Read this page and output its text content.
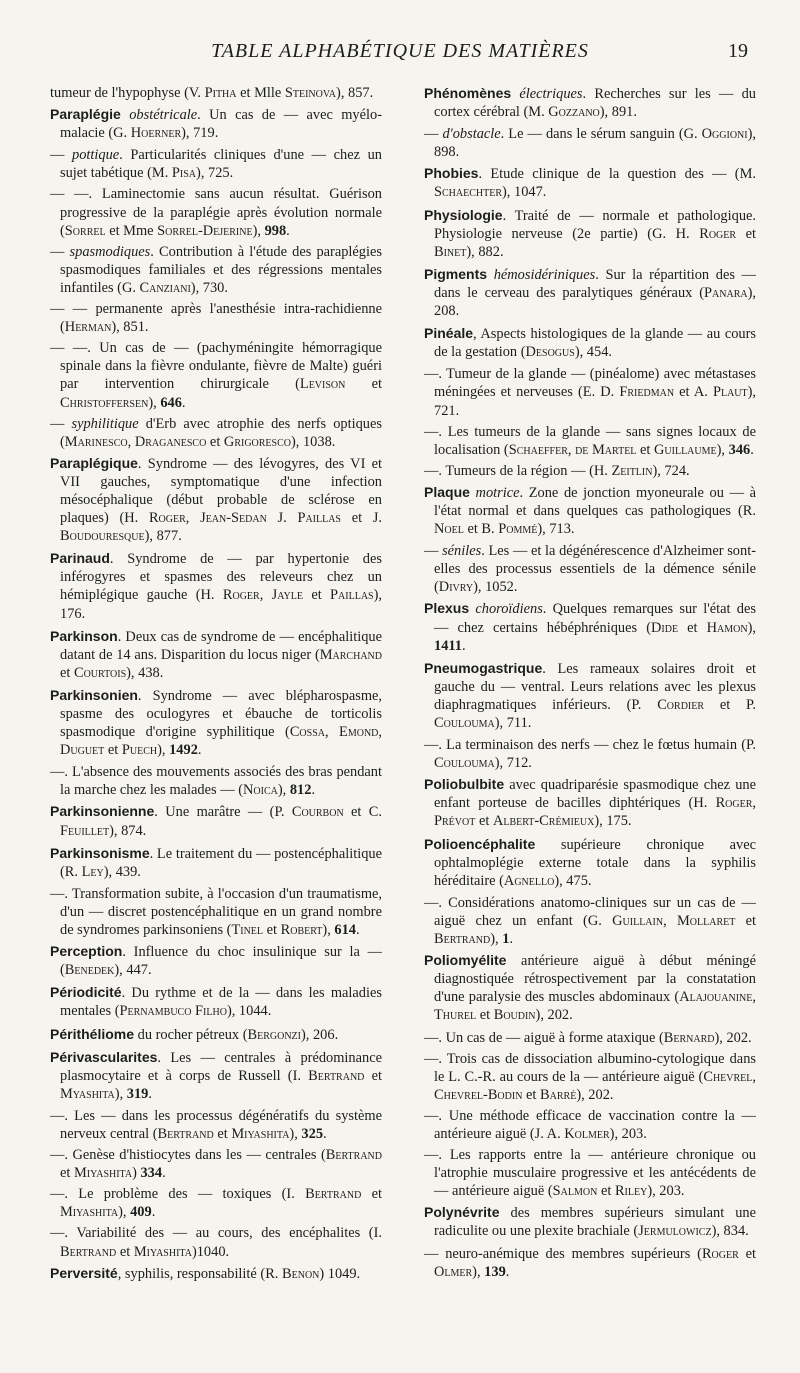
TABLE ALPHABÉTIQUE DES MATIÈRES	19

tumeur de l'hypophyse (V. Pitha et Mlle Steinova), 857.

Paraplégie obstétricale. Un cas de — avec myélo-malacie (G. Hoerner), 719.

— pottique. Particularités cliniques d'une — chez un sujet tabétique (M. Pisa), 725.

— —. Laminectomie sans aucun résultat. Guérison progressive de la paraplégie après évolution normale (Sorrel et Mme Sorrel-Dejerine), 998.

— spasmodiques. Contribution à l'étude des paraplégies spasmodiques familiales et des régressions mentales infantiles (G. Canziani), 730.

— — permanente après l'anesthésie intra-rachidienne (Herman), 851.

— —. Un cas de — (pachyméningite hémorragique spinale dans la fièvre ondulante, fièvre de Malte) guéri par intervention chirurgicale (Levison et Christoffersen), 646.

— syphilitique d'Erb avec atrophie des nerfs optiques (Marinesco, Draganesco et Grigoresco), 1038.

Paraplégique. Syndrome — des lévogyres, des VI et VII gauches, symptomatique d'une infection mésocéphalique (début probable de sclérose en plaques) (H. Roger, Jean-Sedan J. Paillas et J. Boudouresque), 877.

Parinaud. Syndrome de — par hypertonie des inférogyres et spasmes des releveurs chez un hémiplégique gauche (H. Roger, Jayle et Paillas), 176.

Parkinson. Deux cas de syndrome de — encéphalitique datant de 14 ans. Disparition du locus niger (Marchand et Courtois), 438.

Parkinsonien. Syndrome — avec blépharospasme, spasme des oculogyres et ébauche de torticolis spasmodique d'origine syphilitique (Cossa, Emond, Duguet et Puech), 1492.

—. L'absence des mouvements associés des bras pendant la marche chez les malades — (Noica), 812.

Parkinsonienne. Une marâtre — (P. Courbon et C. Feuillet), 874.

Parkinsonisme. Le traitement du — postencéphalitique (R. Ley), 439.

—. Transformation subite, à l'occasion d'un traumatisme, d'un — discret postencéphalitique en un grand nombre de syndromes parkinsoniens (Tinel et Robert), 614.

Perception. Influence du choc insulinique sur la — (Benedek), 447.

Périodicité. Du rythme et de la — dans les maladies mentales (Pernambuco Filho), 1044.

Périthéliome du rocher pétreux (Bergonzi), 206.

Périvascularites. Les — centrales à prédominance plasmocytaire et à corps de Russell (I. Bertrand et Myashita), 319.

—. Les — dans les processus dégénératifs du système nerveux central (Bertrand et Miyashita), 325.

—. Genèse d'histiocytes dans les — centrales (Bertrand et Miyashita) 334.

—. Le problème des — toxiques (I. Bertrand et Miyashita), 409.

—. Variabilité des — au cours, des encéphalites (I. Bertrand et Miyashita)1040.

Perversité, syphilis, responsabilité (R. Benon) 1049.

Phénomènes électriques. Recherches sur les — du cortex cérébral (M. Gozzano), 891.

— d'obstacle. Le — dans le sérum sanguin (G. Oggioni), 898.

Phobies. Etude clinique de la question des — (M. Schaechter), 1047.

Physiologie. Traité de — normale et pathologique. Physiologie nerveuse (2e partie) (G. H. Roger et Binet), 882.

Pigments hémosidériniques. Sur la répartition des — dans le cerveau des paralytiques généraux (Panara), 208.

Pinéale, Aspects histologiques de la glande — au cours de la gestation (Desogus), 454.

—. Tumeur de la glande — (pinéalome) avec métastases méningées et nerveuses (E. D. Friedman et A. Plaut), 721.

—. Les tumeurs de la glande — sans signes locaux de localisation (Schaeffer, de Martel et Guillaume), 346.

—. Tumeurs de la région — (H. Zeitlin), 724.

Plaque motrice. Zone de jonction myoneurale ou — à l'état normal et dans quelques cas pathologiques (R. Noel et B. Pommé), 713.

— séniles. Les — et la dégénérescence d'Alzheimer sont-elles des processus essentiels de la démence sénile (Divry), 1052.

Plexus choroïdiens. Quelques remarques sur l'état des — chez certains hébéphréniques (Dide et Hamon), 1411.

Pneumogastrique. Les rameaux solaires droit et gauche du — ventral. Leurs relations avec les plexus diaphragmatiques inférieurs. (P. Cordier et P. Coulouma), 711.

—. La terminaison des nerfs — chez le fœtus humain (P. Coulouma), 712.

Poliobulbite avec quadriparésie spasmodique chez une enfant porteuse de bacilles diphtériques (H. Roger, Prévot et Albert-Crémieux), 175.

Polioencéphalite supérieure chronique avec ophtalmoplégie externe totale dans la syphilis héréditaire (Agnello), 475.

—. Considérations anatomo-cliniques sur un cas de — aiguë chez un enfant (G. Guillain, Mollaret et Bertrand), 1.

Poliomyélite antérieure aiguë à début méningé diagnostiquée rétrospectivement par la constatation d'une paralysie des muscles abdominaux (Alajouanine, Thurel et Boudin), 202.

—. Un cas de — aiguë à forme ataxique (Bernard), 202.

—. Trois cas de dissociation albumino-cytologique dans le L. C.-R. au cours de la — antérieure aiguë (Chevrel, Chevrel-Bodin et Barré), 202.

—. Une méthode efficace de vaccination contre la — antérieure aiguë (J. A. Kolmer), 203.

—. Les rapports entre la — antérieure chronique ou l'atrophie musculaire progressive et les antécédents de — antérieure aiguë (Salmon et Riley), 203.

Polynévrite des membres supérieurs simulant une radiculite ou une plexite brachiale (Jermulowicz), 834.

— neuro-anémique des membres supérieurs (Roger et Olmer), 139.
